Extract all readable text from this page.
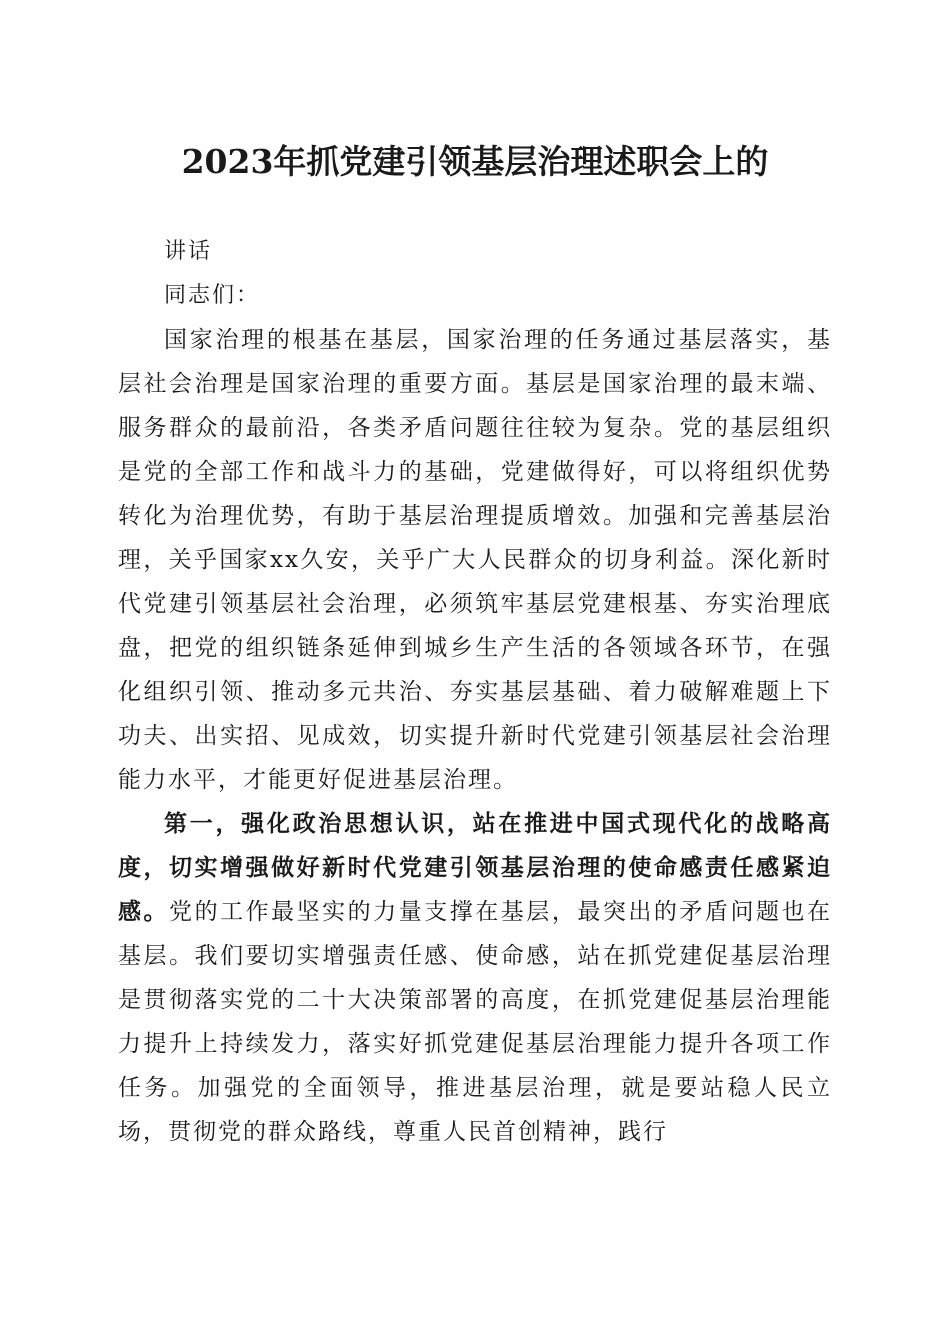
2023年抓党建引领基层治理述职会上的

讲话

同志们：

国家治理的根基在基层，国家治理的任务通过基层落实，基层社会治理是国家治理的重要方面。基层是国家治理的最末端、服务群众的最前沿，各类矛盾问题往往较为复杂。党的基层组织是党的全部工作和战斗力的基础，党建做得好，可以将组织优势转化为治理优势，有助于基层治理提质增效。加强和完善基层治理，关乎国家xx久安，关乎广大人民群众的切身利益。深化新时代党建引领基层社会治理，必须筑牢基层党建根基、夯实治理底盘，把党的组织链条延伸到城乡生产生活的各领域各环节，在强化组织引领、推动多元共治、夯实基层基础、着力破解难题上下功夫、出实招、见成效，切实提升新时代党建引领基层社会治理能力水平，才能更好促进基层治理。

第一，强化政治思想认识，站在推进中国式现代化的战略高度，切实增强做好新时代党建引领基层治理的使命感责任感紧迫感。党的工作最坚实的力量支撑在基层，最突出的矛盾问题也在基层。我们要切实增强责任感、使命感，站在抓党建促基层治理是贯彻落实党的二十大决策部署的高度，在抓党建促基层治理能力提升上持续发力，落实好抓党建促基层治理能力提升各项工作任务。加强党的全面领导，推进基层治理，就是要站稳人民立场，贯彻党的群众路线，尊重人民首创精神，践行
